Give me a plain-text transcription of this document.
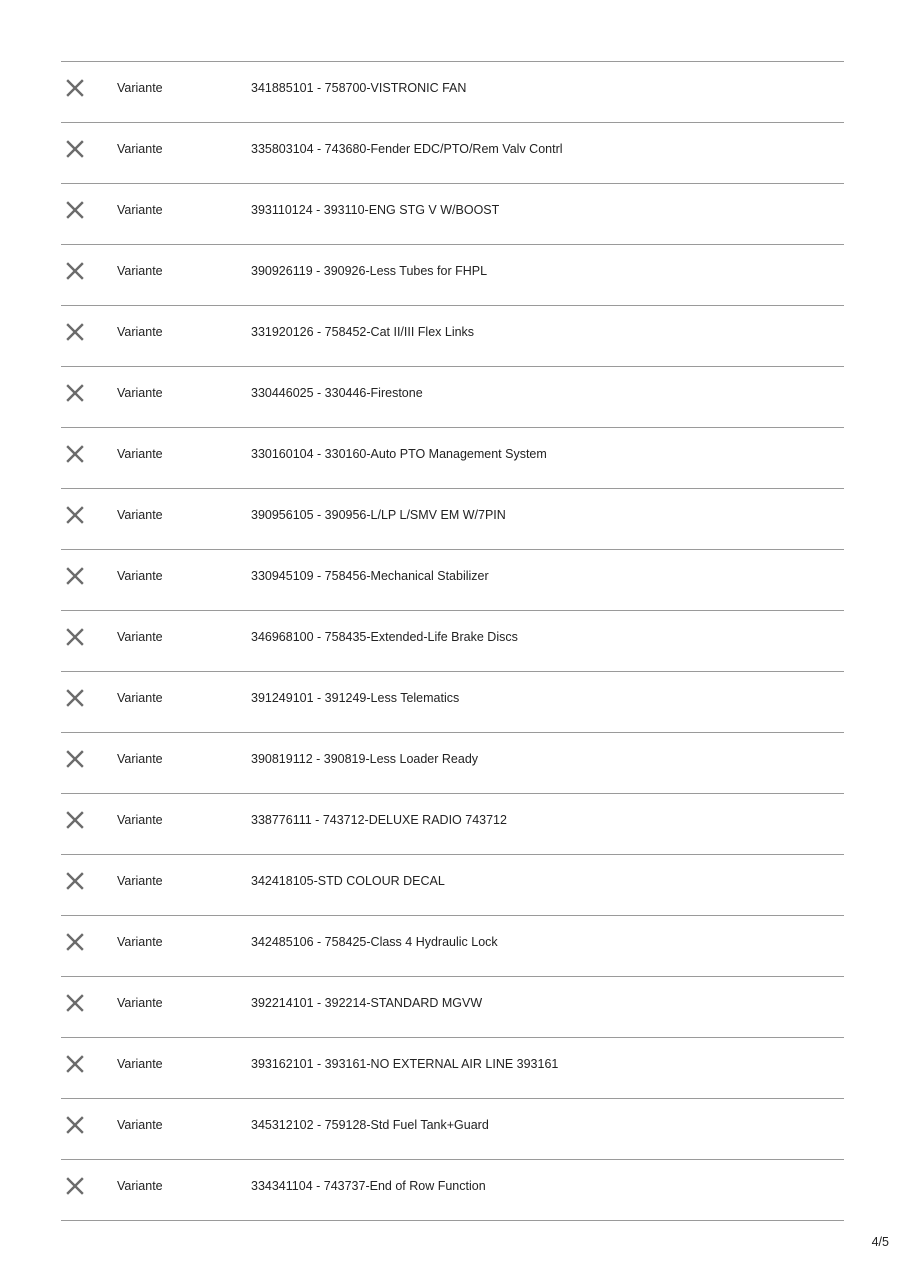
Variante	341885101 - 758700-VISTRONIC FAN
Variante	335803104 - 743680-Fender EDC/PTO/Rem Valv Contrl
Variante	393110124 - 393110-ENG STG V W/BOOST
Variante	390926119 - 390926-Less Tubes for FHPL
Variante	331920126 - 758452-Cat II/III Flex Links
Variante	330446025 - 330446-Firestone
Variante	330160104 - 330160-Auto PTO Management System
Variante	390956105 - 390956-L/LP L/SMV EM W/7PIN
Variante	330945109 - 758456-Mechanical Stabilizer
Variante	346968100 - 758435-Extended-Life Brake Discs
Variante	391249101 - 391249-Less Telematics
Variante	390819112 - 390819-Less Loader Ready
Variante	338776111 - 743712-DELUXE RADIO 743712
Variante	342418105-STD COLOUR DECAL
Variante	342485106 - 758425-Class 4 Hydraulic Lock
Variante	392214101 - 392214-STANDARD MGVW
Variante	393162101 - 393161-NO EXTERNAL AIR LINE 393161
Variante	345312102 - 759128-Std Fuel Tank+Guard
Variante	334341104 - 743737-End of Row Function
4/5
